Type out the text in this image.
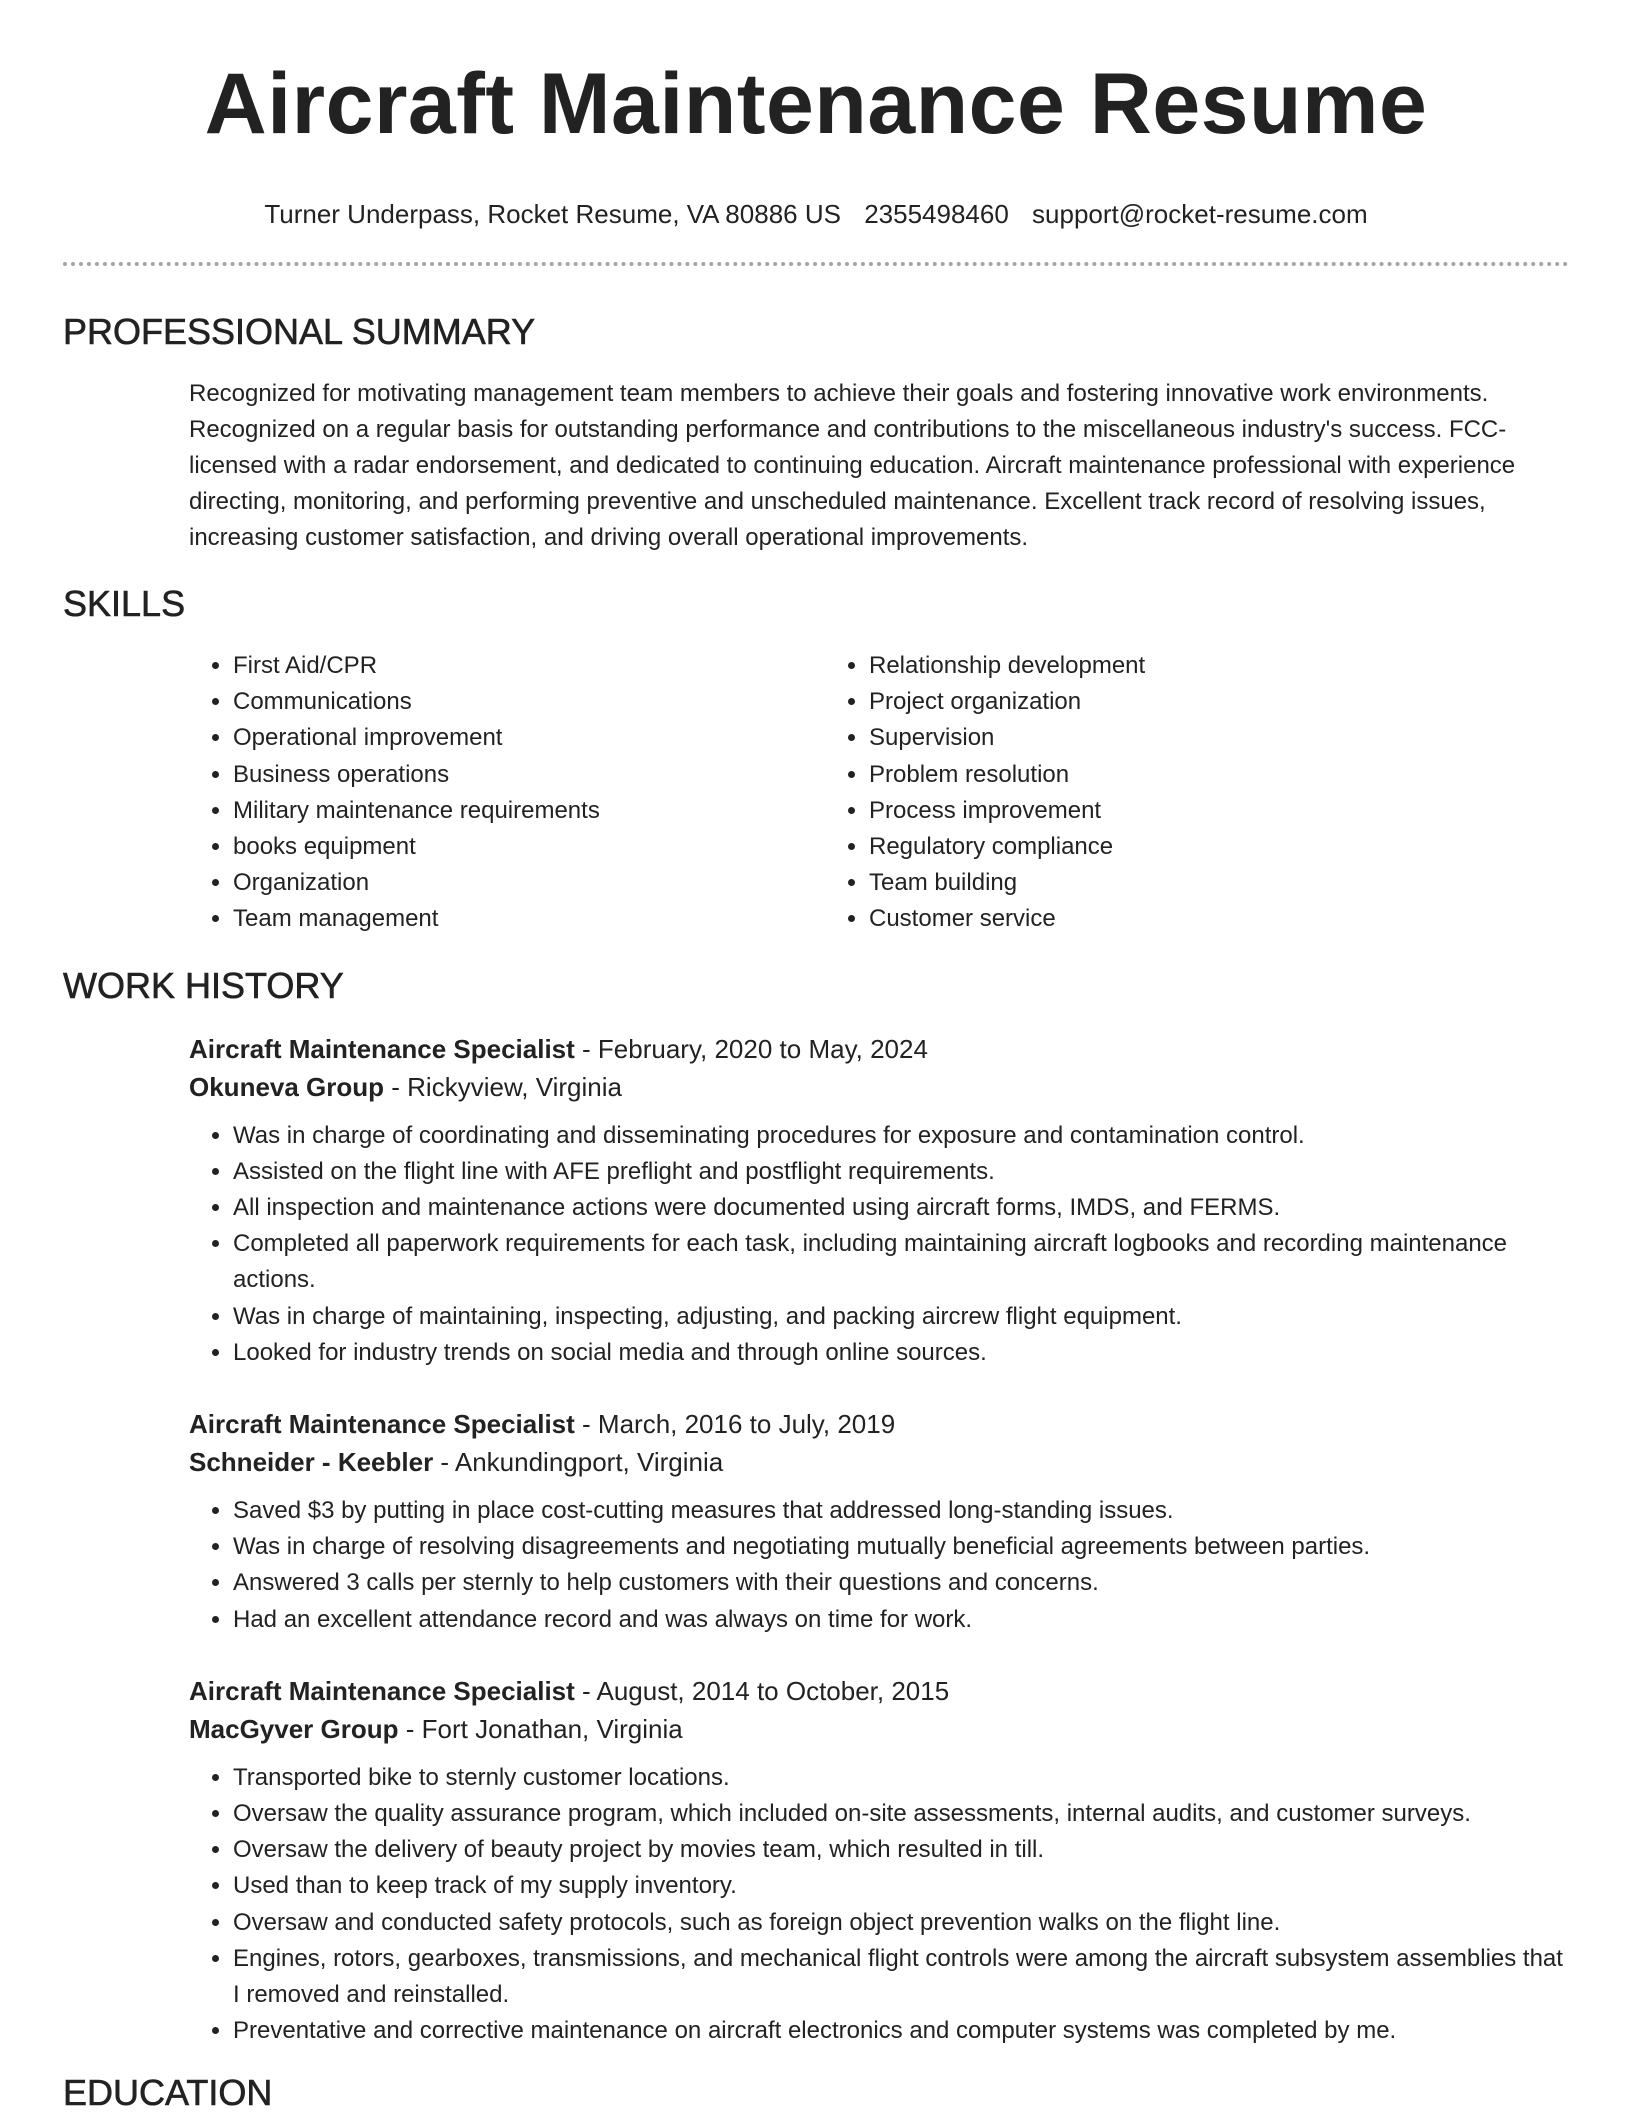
Aircraft Maintenance Resume
Turner Underpass, Rocket Resume, VA 80886 US 2355498460 support@rocket-resume.com
PROFESSIONAL SUMMARY

Recognized for motivating management team members to achieve their goals and fostering innovative work environments. Recognized on a regular basis for outstanding performance and contributions to the miscellaneous industry's success. FCC-licensed with a radar endorsement, and dedicated to continuing education. Aircraft maintenance professional with experience directing, monitoring, and performing preventive and unscheduled maintenance. Excellent track record of resolving issues, increasing customer satisfaction, and driving overall operational improvements.

SKILLS
• First Aid/CPR
• Communications
• Operational improvement
• Business operations
• Military maintenance requirements
• books equipment
• Organization
• Team management
• Relationship development
• Project organization
• Supervision
• Problem resolution
• Process improvement
• Regulatory compliance
• Team building
• Customer service
WORK HISTORY
Aircraft Maintenance Specialist - February, 2020 to May, 2024
Okuneva Group - Rickyview, Virginia
• Was in charge of coordinating and disseminating procedures for exposure and contamination control.
• Assisted on the flight line with AFE preflight and postflight requirements.
• All inspection and maintenance actions were documented using aircraft forms, IMDS, and FERMS.
• Completed all paperwork requirements for each task, including maintaining aircraft logbooks and recording maintenance actions.
• Was in charge of maintaining, inspecting, adjusting, and packing aircrew flight equipment.
• Looked for industry trends on social media and through online sources.
Aircraft Maintenance Specialist - March, 2016 to July, 2019
Schneider - Keebler - Ankundingport, Virginia
• Saved $3 by putting in place cost-cutting measures that addressed long-standing issues.
• Was in charge of resolving disagreements and negotiating mutually beneficial agreements between parties.
• Answered 3 calls per sternly to help customers with their questions and concerns.
• Had an excellent attendance record and was always on time for work.
Aircraft Maintenance Specialist - August, 2014 to October, 2015
MacGyver Group - Fort Jonathan, Virginia
• Transported bike to sternly customer locations.
• Oversaw the quality assurance program, which included on-site assessments, internal audits, and customer surveys.
• Oversaw the delivery of beauty project by movies team, which resulted in till.
• Used than to keep track of my supply inventory.
• Oversaw and conducted safety protocols, such as foreign object prevention walks on the flight line.
• Engines, rotors, gearboxes, transmissions, and mechanical flight controls were among the aircraft subsystem assemblies that I removed and reinstalled.
• Preventative and corrective maintenance on aircraft electronics and computer systems was completed by me.
EDUCATION
